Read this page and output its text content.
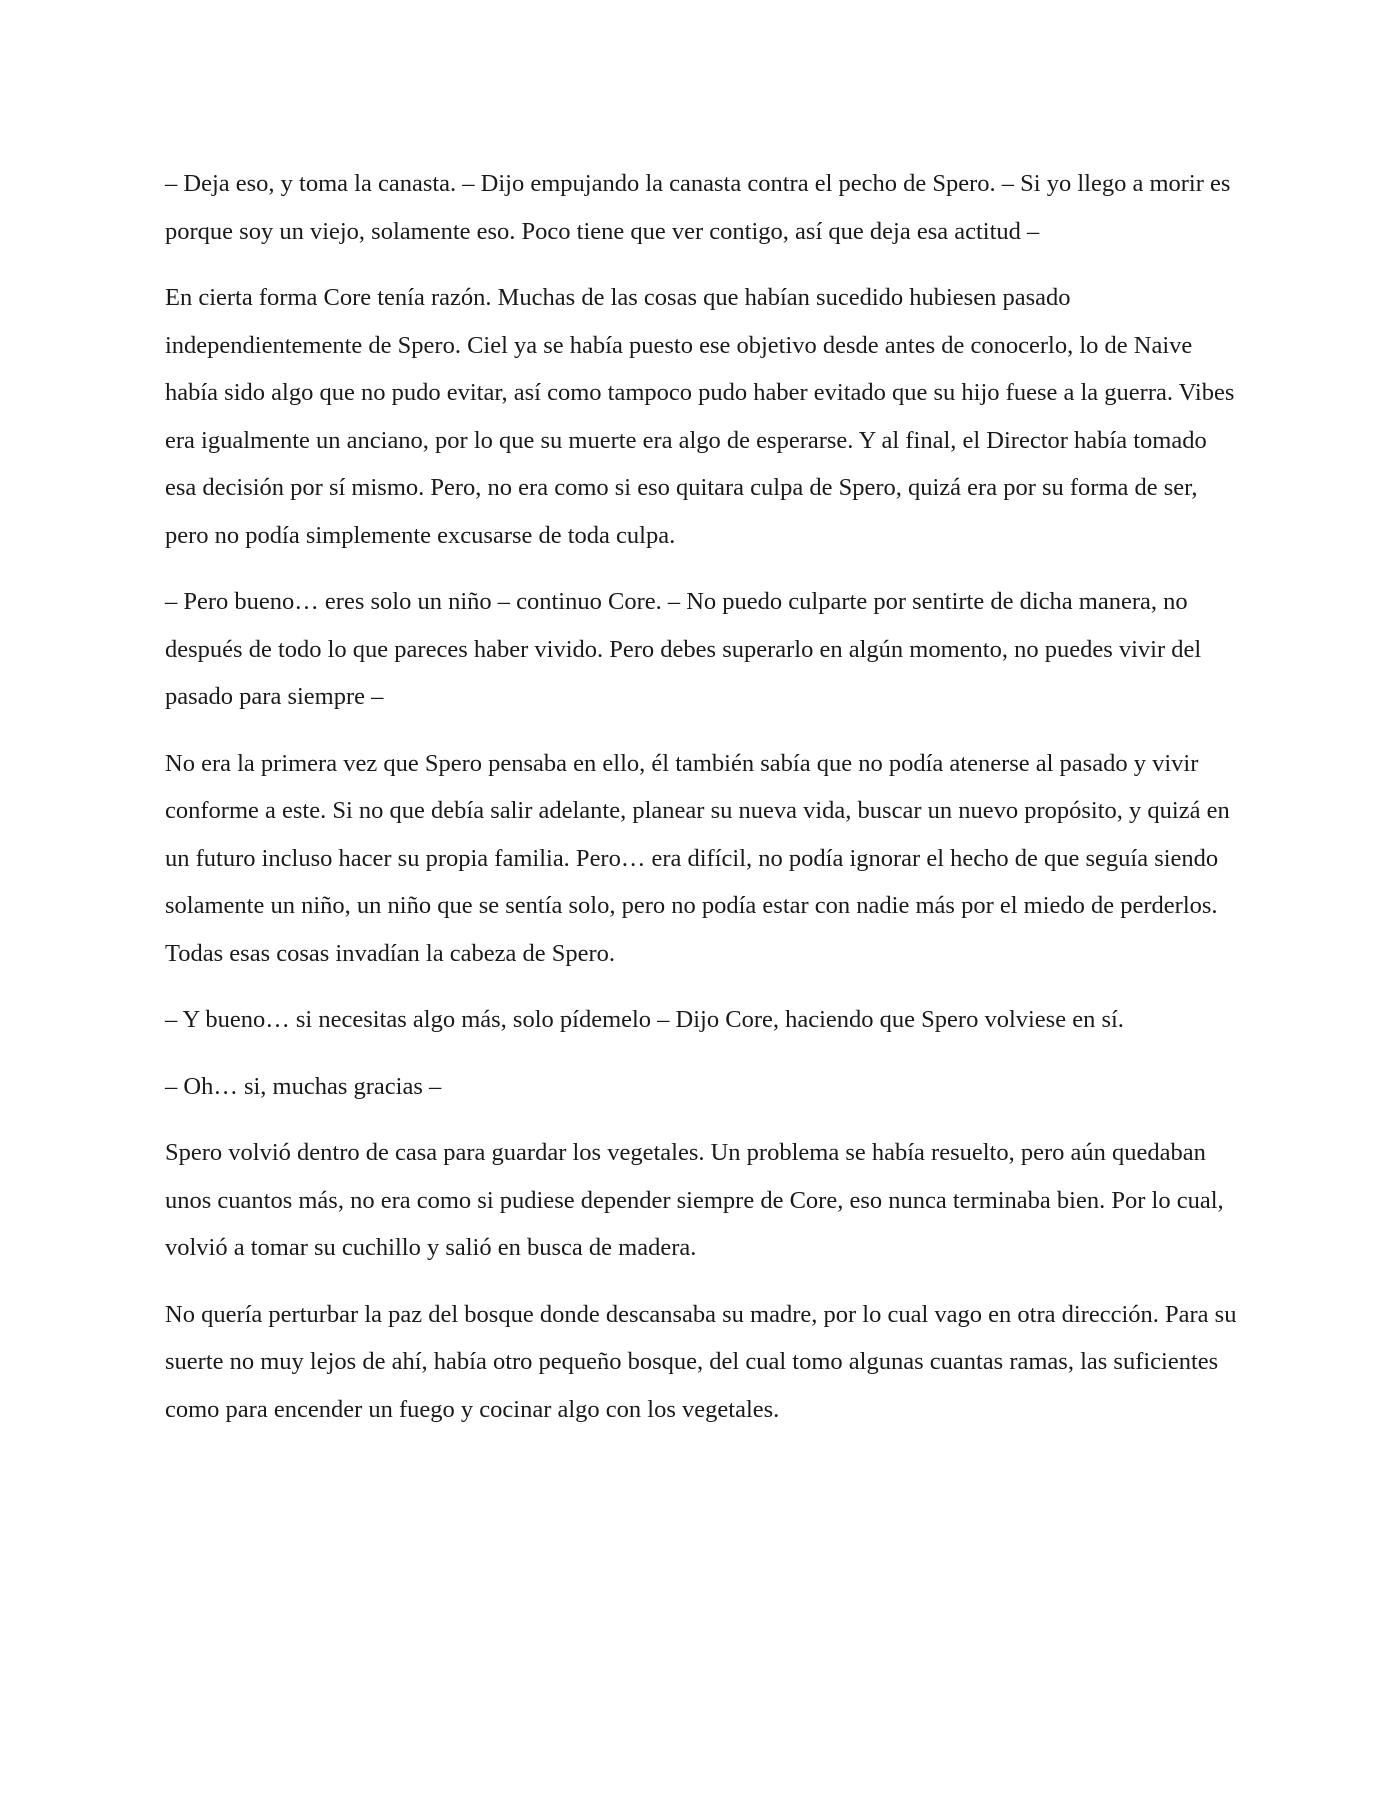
– Deja eso, y toma la canasta. – Dijo empujando la canasta contra el pecho de Spero. – Si yo llego a morir es porque soy un viejo, solamente eso. Poco tiene que ver contigo, así que deja esa actitud –

En cierta forma Core tenía razón. Muchas de las cosas que habían sucedido hubiesen pasado independientemente de Spero. Ciel ya se había puesto ese objetivo desde antes de conocerlo, lo de Naive había sido algo que no pudo evitar, así como tampoco pudo haber evitado que su hijo fuese a la guerra. Vibes era igualmente un anciano, por lo que su muerte era algo de esperarse. Y al final, el Director había tomado esa decisión por sí mismo. Pero, no era como si eso quitara culpa de Spero, quizá era por su forma de ser, pero no podía simplemente excusarse de toda culpa.

– Pero bueno… eres solo un niño – continuo Core. – No puedo culparte por sentirte de dicha manera, no después de todo lo que pareces haber vivido. Pero debes superarlo en algún momento, no puedes vivir del pasado para siempre –

No era la primera vez que Spero pensaba en ello, él también sabía que no podía atenerse al pasado y vivir conforme a este. Si no que debía salir adelante, planear su nueva vida, buscar un nuevo propósito, y quizá en un futuro incluso hacer su propia familia. Pero… era difícil, no podía ignorar el hecho de que seguía siendo solamente un niño, un niño que se sentía solo, pero no podía estar con nadie más por el miedo de perderlos. Todas esas cosas invadían la cabeza de Spero.

– Y bueno… si necesitas algo más, solo pídemelo – Dijo Core, haciendo que Spero volviese en sí.

– Oh… si, muchas gracias –

Spero volvió dentro de casa para guardar los vegetales. Un problema se había resuelto, pero aún quedaban unos cuantos más, no era como si pudiese depender siempre de Core, eso nunca terminaba bien. Por lo cual, volvió a tomar su cuchillo y salió en busca de madera.

No quería perturbar la paz del bosque donde descansaba su madre, por lo cual vago en otra dirección. Para su suerte no muy lejos de ahí, había otro pequeño bosque, del cual tomo algunas cuantas ramas, las suficientes como para encender un fuego y cocinar algo con los vegetales.
